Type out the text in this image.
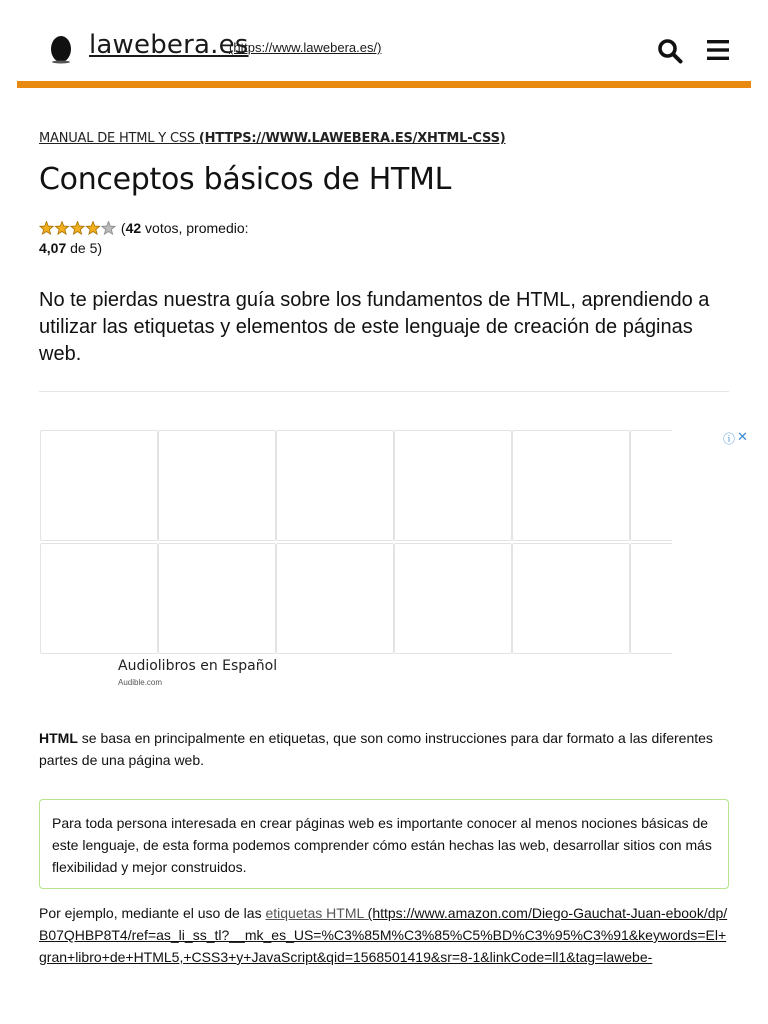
lawebera.es
(https://www.lawebera.es/)
MANUAL DE HTML Y CSS (HTTPS://WWW.LAWEBERA.ES/XHTML-CSS)
Conceptos básicos de HTML
(42 votos, promedio:
4,07 de 5)

No te pierdas nuestra guía sobre los fundamentos de HTML, aprendiendo a utilizar las etiquetas y elementos de este lenguaje de creación de páginas web.

ⓘ ✕
Audiolibros en Español
Audible.com

HTML se basa en principalmente en etiquetas, que son como instrucciones para dar formato a las diferentes partes de una página web.

Para toda persona interesada en crear páginas web es importante conocer al menos nociones básicas de este lenguaje, de esta forma podemos comprender cómo están hechas las web, desarrollar sitios con más flexibilidad y mejor construidos.

Por ejemplo, mediante el uso de las etiquetas HTML (https://www.amazon.com/Diego-Gauchat-Juan-ebook/dp/B07QHBP8T4/ref=as_li_ss_tl?__mk_es_US=%C3%85M%C3%85%C5%BD%C3%95%C3%91&keywords=El+gran+libro+de+HTML5,+CSS3+y+JavaScript&qid=1568501419&sr=8-1&linkCode=ll1&tag=lawebe-
